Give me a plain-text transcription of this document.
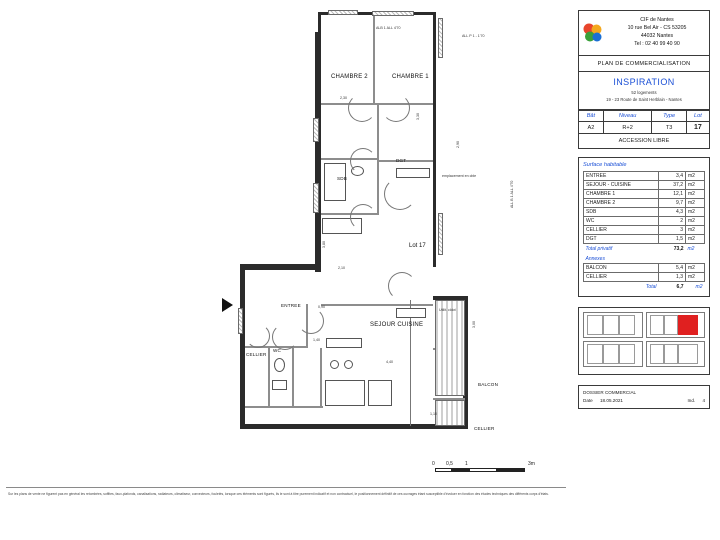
CHAMBRE 2	CHAMBRE 1
SDB
DGT
SEJOUR CUISINE
CELLIER
WC
BALCON
CELLIER
Lot 17
ENTREE
ALB 1 ALL 4'70
ALL P 1 - 1'70
2,30
3,30
2,90
3,80
1,40
0,90
4,40
2,10
3,00
1,10
ALL B 1 ALL 4'70
Utilit. cldot
emplacement en cble
0 0,5 1	3m
Sur les plans de vente ne figurent pas en général les retombées, soffites, faux-plafonds, canalisations, radiateurs, climatiseur, convecteurs, fouletés, lorsque ces éléments sont figurés, ils le sont à titre purement indicatif et non contractuel, le positionnement définitif de ces ouvrages étant susceptible d'évoluer en fonction des études techniques des différents corps d'états.
CIF de Nantes
10 rue Bel Air - CS 53205
44032 Nantes
Tel : 02 40 99 40 90
PLAN DE COMMERCIALISATION
INSPIRATION
52 logements
19 - 23 Route de Saint Herblain - Nantes
Bât	Niveau	Type	Lot
A2	R+2	T3	17
ACCESSION LIBRE
Surface habitable
ENTREE	3,4	m2
SEJOUR - CUISINE	37,2	m2
CHAMBRE 1	12,1	m2
CHAMBRE 2	9,7	m2
SDB	4,3	m2
WC	2	m2
CELLIER	3	m2
DGT	1,5	m2
Total privatif	73,2	m2
Annexes		
BALCON	5,4	m2
CELLIER	1,3	m2
Total	6,7	m2
DOSSIER COMMERCIAL
Date 18.05.2021	Ind. 4
